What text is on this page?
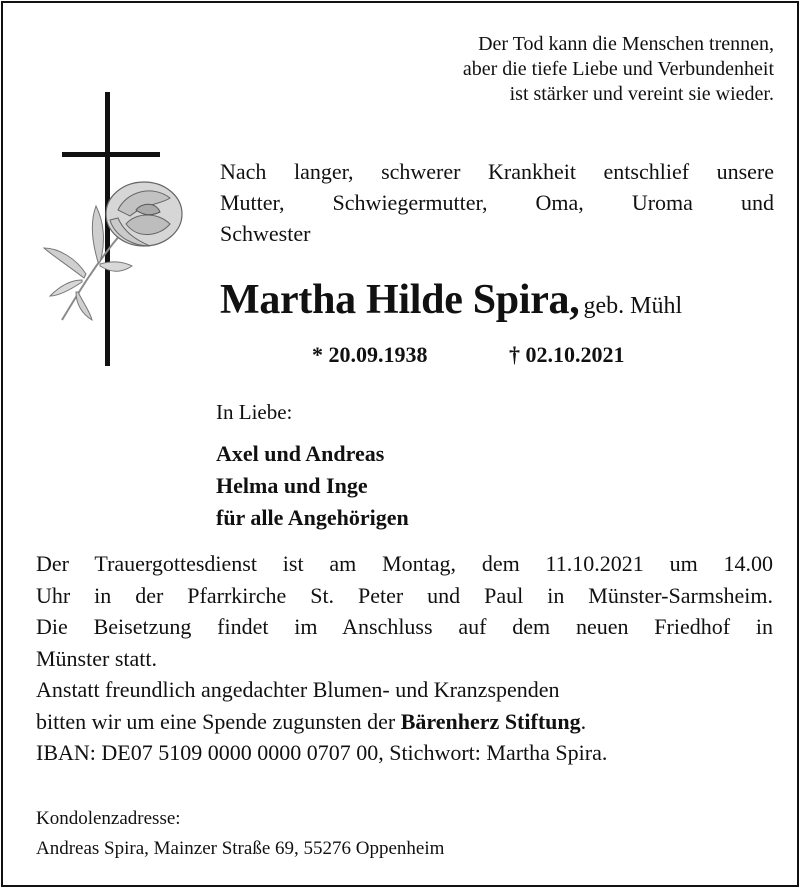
Der Tod kann die Menschen trennen,
aber die tiefe Liebe und Verbundenheit
ist stärker und vereint sie wieder.
Nach langer, schwerer Krankheit entschlief unsere
Mutter, Schwiegermutter, Oma, Uroma und
Schwester
Martha Hilde Spira, geb. Mühl
* 20.09.1938	† 02.10.2021
In Liebe:
Axel und Andreas
Helma und Inge
für alle Angehörigen
Der Trauergottesdienst ist am Montag, dem 11.10.2021 um 14.00
Uhr in der Pfarrkirche St. Peter und Paul in Münster-Sarmsheim.
Die Beisetzung findet im Anschluss auf dem neuen Friedhof in
Münster statt.
Anstatt freundlich angedachter Blumen- und Kranzspenden
bitten wir um eine Spende zugunsten der Bärenherz Stiftung.
IBAN: DE07 5109 0000 0000 0707 00, Stichwort: Martha Spira.
Kondolenzadresse:
Andreas Spira, Mainzer Straße 69, 55276 Oppenheim
